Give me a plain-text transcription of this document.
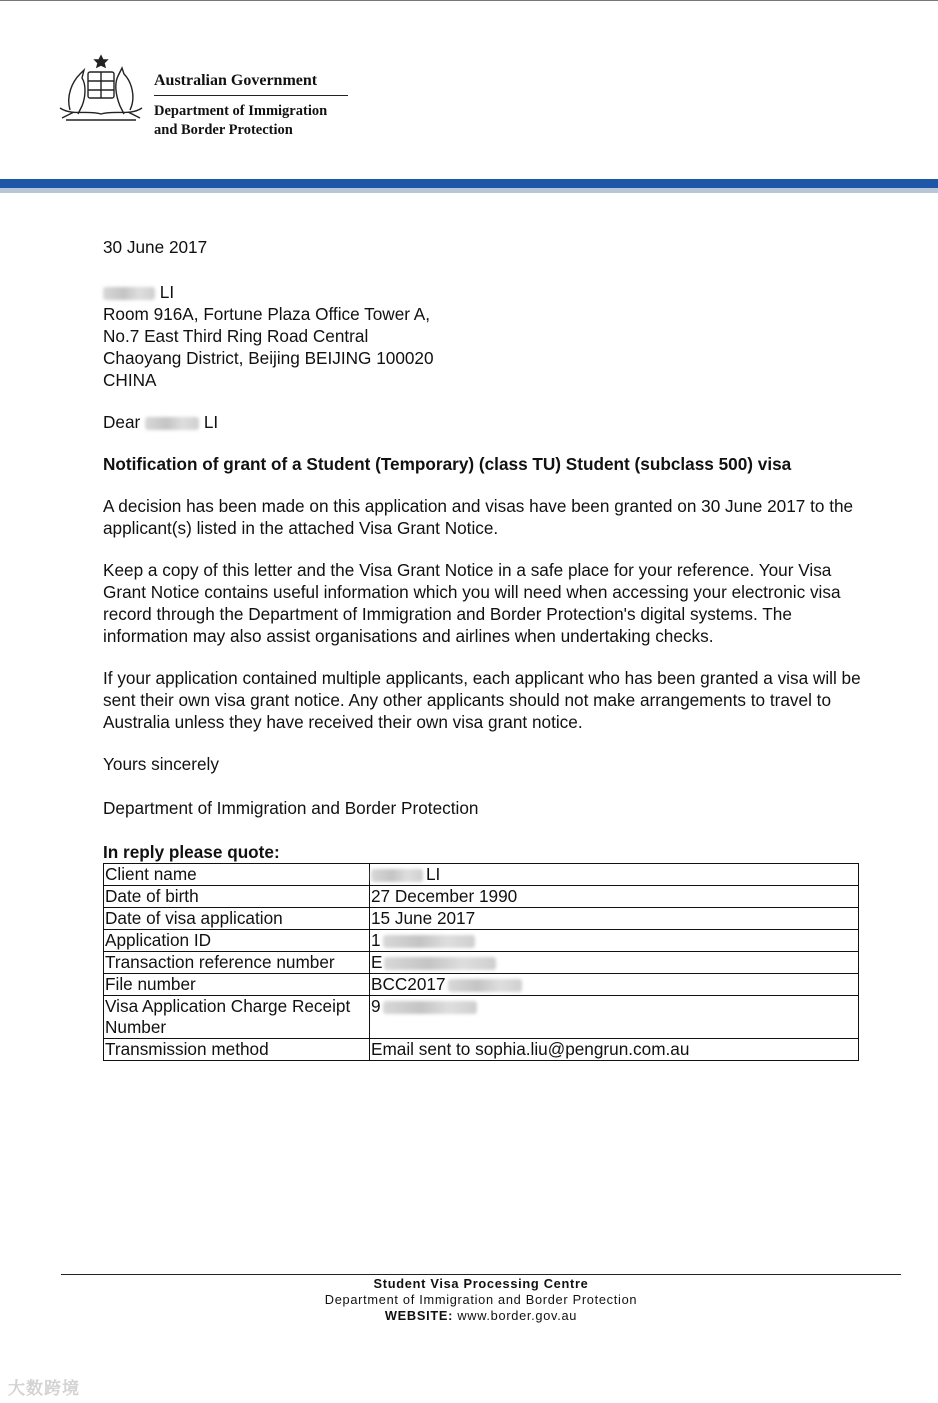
Australian Government
Department of Immigration
and Border Protection

30 June 2017

LI

Room 916A, Fortune Plaza Office Tower A,

No.7 East Third Ring Road Central

Chaoyang District, Beijing BEIJING 100020

CHINA

Dear	LI

Notification of grant of a Student (Temporary) (class TU) Student (subclass 500) visa

A decision has been made on this application and visas have been granted on 30 June 2017 to the applicant(s) listed in the attached Visa Grant Notice.

Keep a copy of this letter and the Visa Grant Notice in a safe place for your reference. Your Visa Grant Notice contains useful information which you will need when accessing your electronic visa record through the Department of Immigration and Border Protection's digital systems. The information may also assist organisations and airlines when undertaking checks.

If your application contained multiple applicants, each applicant who has been granted a visa will be sent their own visa grant notice. Any other applicants should not make arrangements to travel to Australia unless they have received their own visa grant notice.

Yours sincerely

Department of Immigration and Border Protection

In reply please quote:

Client name	LI
Date of birth	27 December 1990
Date of visa application	15 June 2017
Application ID	1
Transaction reference number	E
File number	BCC2017
Visa Application Charge Receipt Number	9
Transmission method	Email sent to sophia.liu@pengrun.com.au
Student Visa Processing Centre
Department of Immigration and Border Protection
WEBSITE: www.border.gov.au
大数跨境
